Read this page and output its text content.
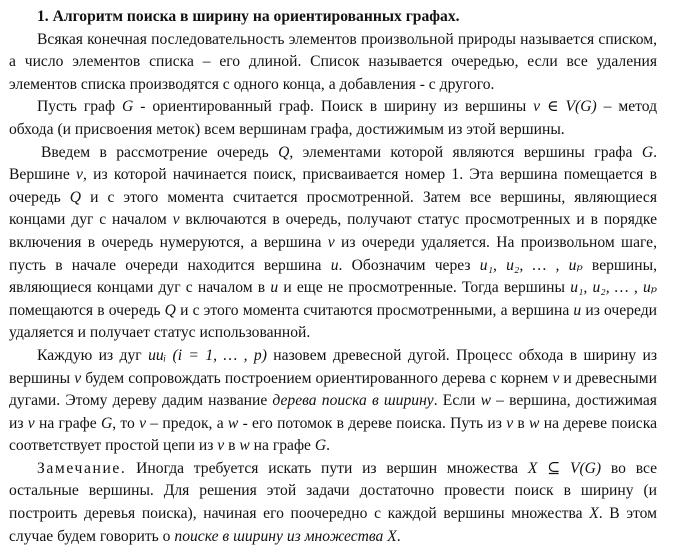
1. Алгоритм поиска в ширину на ориентированных графах.

Всякая конечная последовательность элементов произвольной природы называется списком, а число элементов списка – его длиной. Список называется очередью, если все удаления элементов списка производятся с одного конца, а добавления - с другого.

Пусть граф G - ориентированный граф. Поиск в ширину из вершины v ∈ V(G) – метод обхода (и присвоения меток) всем вершинам графа, достижимым из этой вершины.

Введем в рассмотрение очередь Q, элементами которой являются вершины графа G. Вершине v, из которой начинается поиск, присваивается номер 1. Эта вершина помещается в очередь Q и с этого момента считается просмотренной. Затем все вершины, являющиеся концами дуг с началом v включаются в очередь, получают статус просмотренных и в порядке включения в очередь нумеруются, а вершина v из очереди удаляется. На произвольном шаге, пусть в начале очереди находится вершина u. Обозначим через u₁, u₂, … , uₚ вершины, являющиеся концами дуг с началом в u и еще не просмотренные. Тогда вершины u₁, u₂, … , uₚ помещаются в очередь Q и с этого момента считаются просмотренными, а вершина u из очереди удаляется и получает статус использованной.

Каждую из дуг uuᵢ (i = 1, … , p) назовем древесной дугой. Процесс обхода в ширину из вершины v будем сопровождать построением ориентированного дерева с корнем v и древесными дугами. Этому дереву дадим название дерева поиска в ширину. Если w – вершина, достижимая из v на графе G, то v – предок, а w - его потомок в дереве поиска. Путь из v в w на дереве поиска соответствует простой цепи из v в w на графе G.

Замечание. Иногда требуется искать пути из вершин множества X ⊆ V(G) во все остальные вершины. Для решения этой задачи достаточно провести поиск в ширину (и построить деревья поиска), начиная его поочередно с каждой вершины множества X. В этом случае будем говорить о поиске в ширину из множества X.
